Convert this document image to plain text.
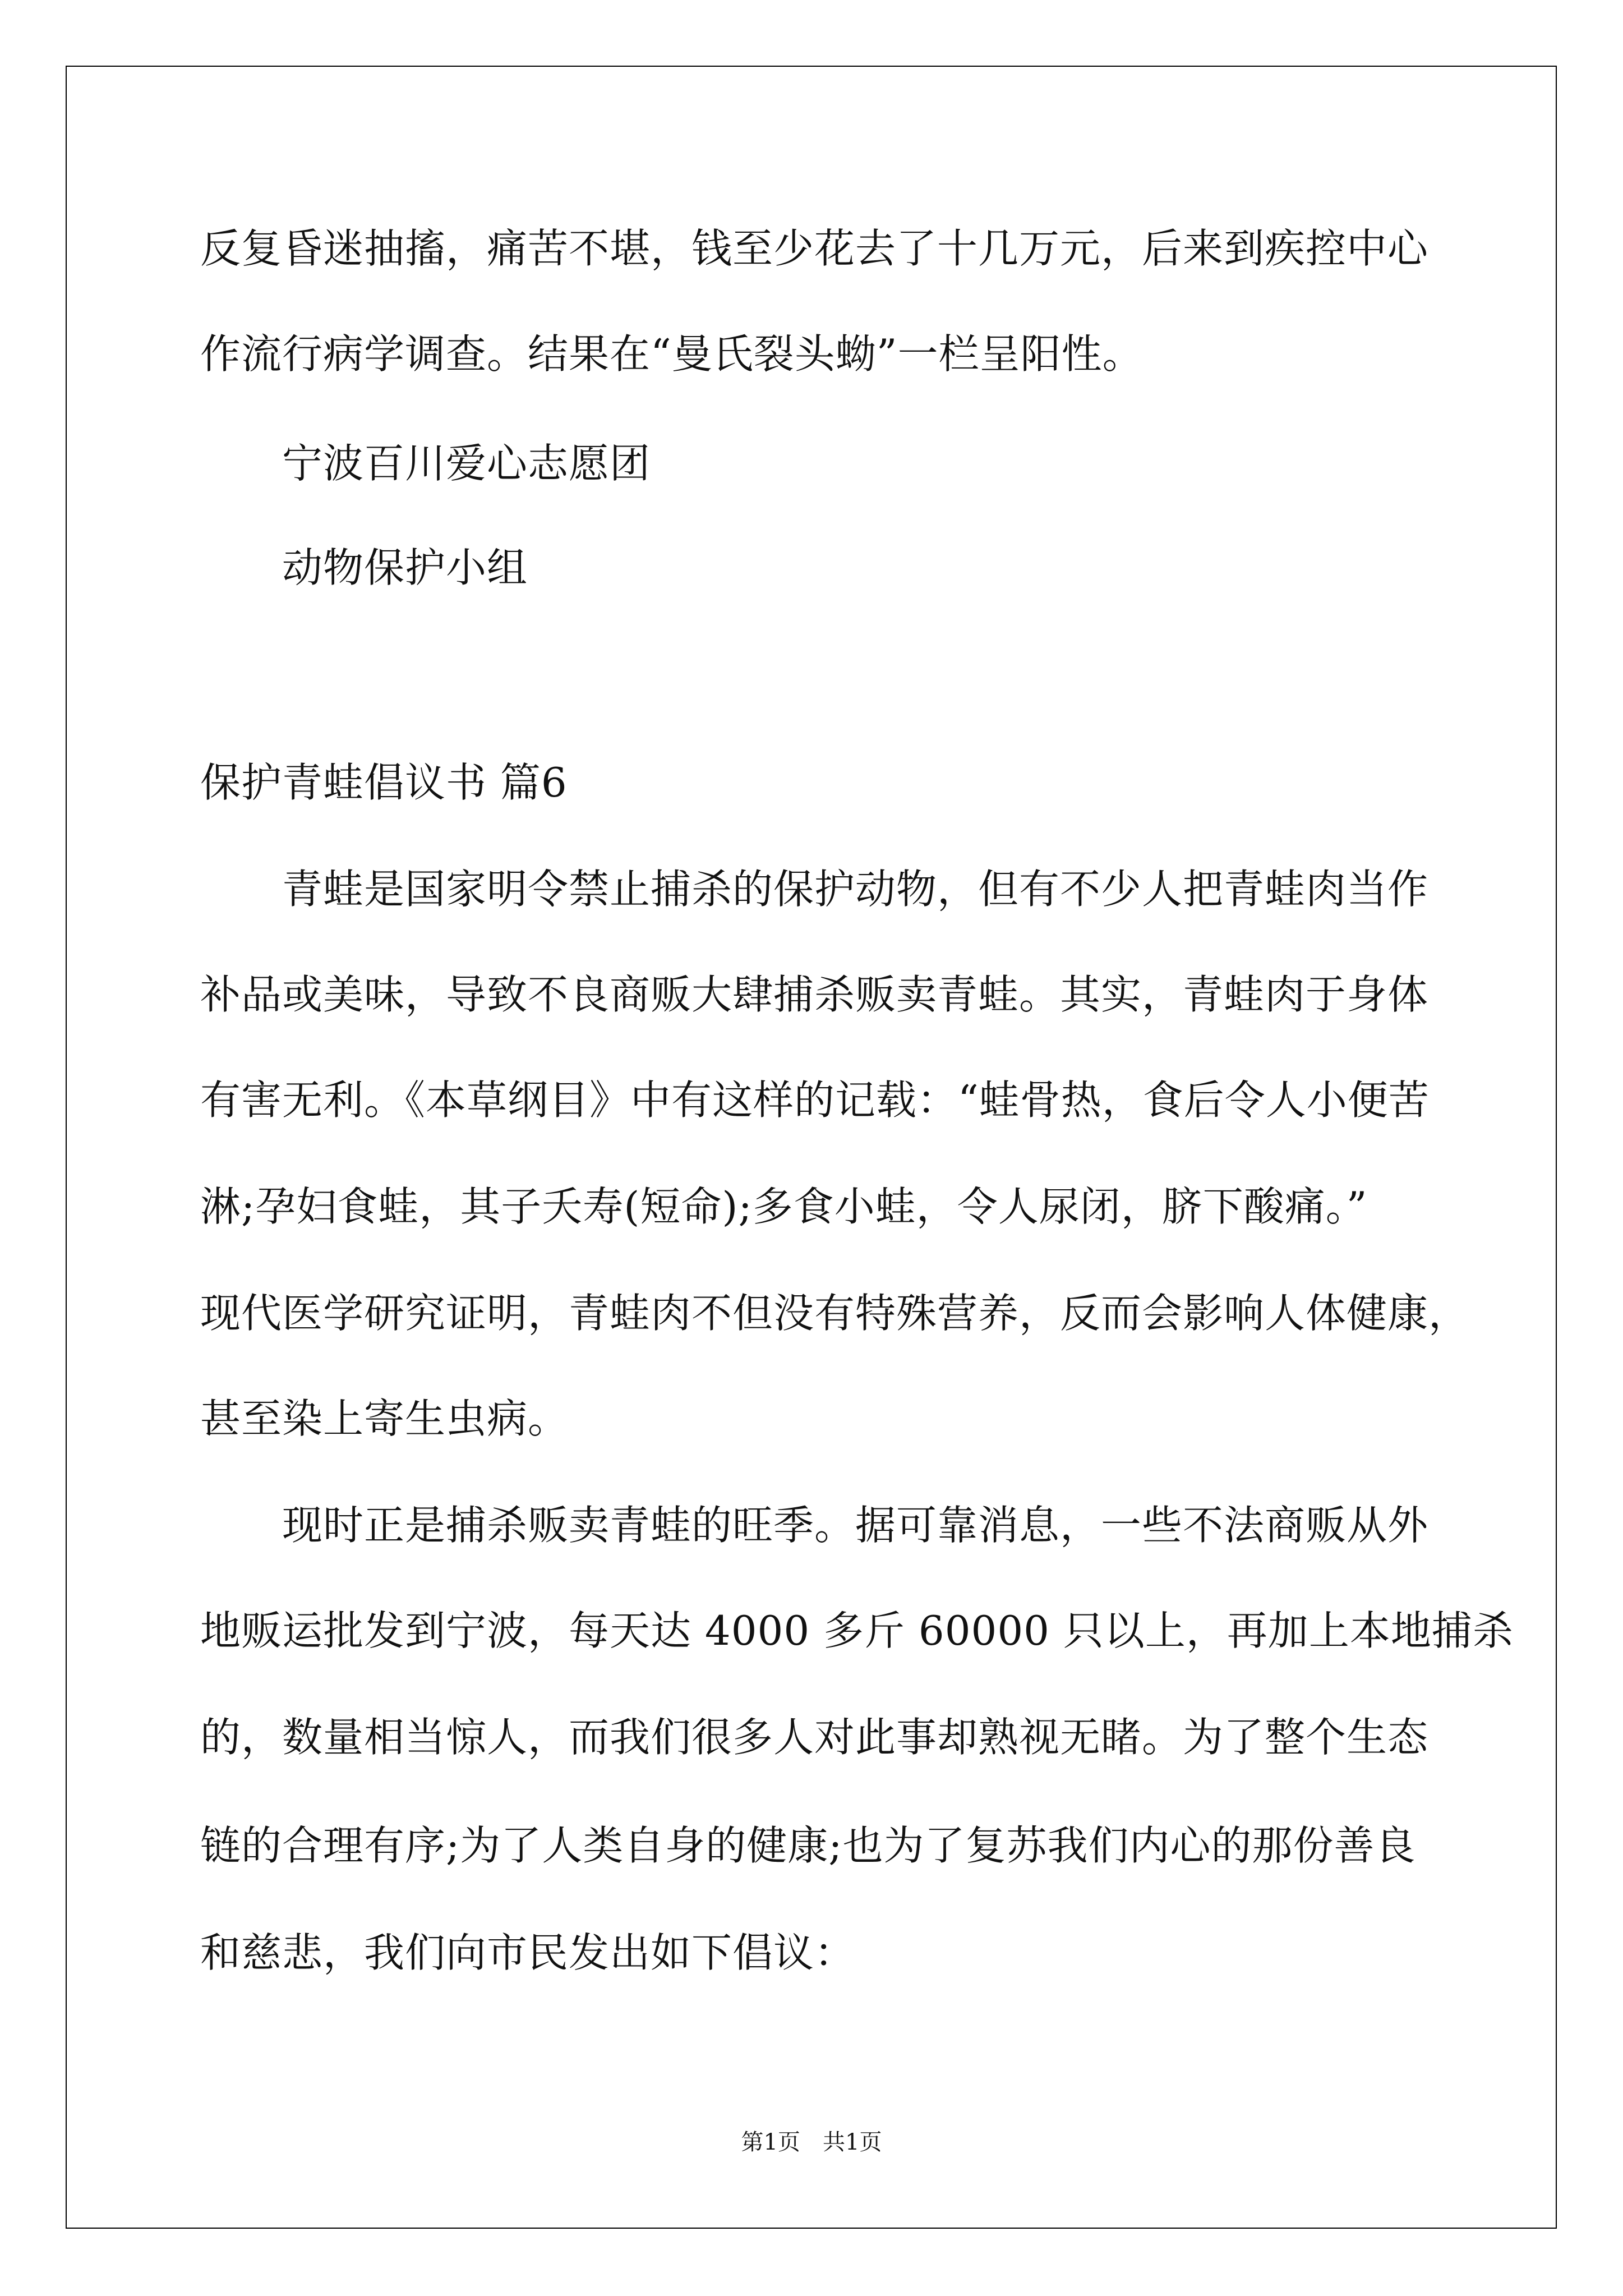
反复昏迷抽搐，痛苦不堪，钱至少花去了十几万元，后来到疾控中心
作流行病学调查。结果在“曼氏裂头蚴”一栏呈阳性。
宁波百川爱心志愿团
动物保护小组
保护青蛙倡议书 篇6
青蛙是国家明令禁止捕杀的保护动物，但有不少人把青蛙肉当作
补品或美味，导致不良商贩大肆捕杀贩卖青蛙。其实，青蛙肉于身体
有害无利。《本草纲目》中有这样的记载：“蛙骨热，食后令人小便苦
淋;孕妇食蛙，其子夭寿(短命);多食小蛙，令人尿闭，脐下酸痛。”
现代医学研究证明，青蛙肉不但没有特殊营养，反而会影响人体健康，
甚至染上寄生虫病。
现时正是捕杀贩卖青蛙的旺季。据可靠消息，一些不法商贩从外
地贩运批发到宁波，每天达 4000 多斤 60000 只以上，再加上本地捕杀
的，数量相当惊人，而我们很多人对此事却熟视无睹。为了整个生态
链的合理有序;为了人类自身的健康;也为了复苏我们内心的那份善良
和慈悲，我们向市民发出如下倡议：
第1页　共1页
